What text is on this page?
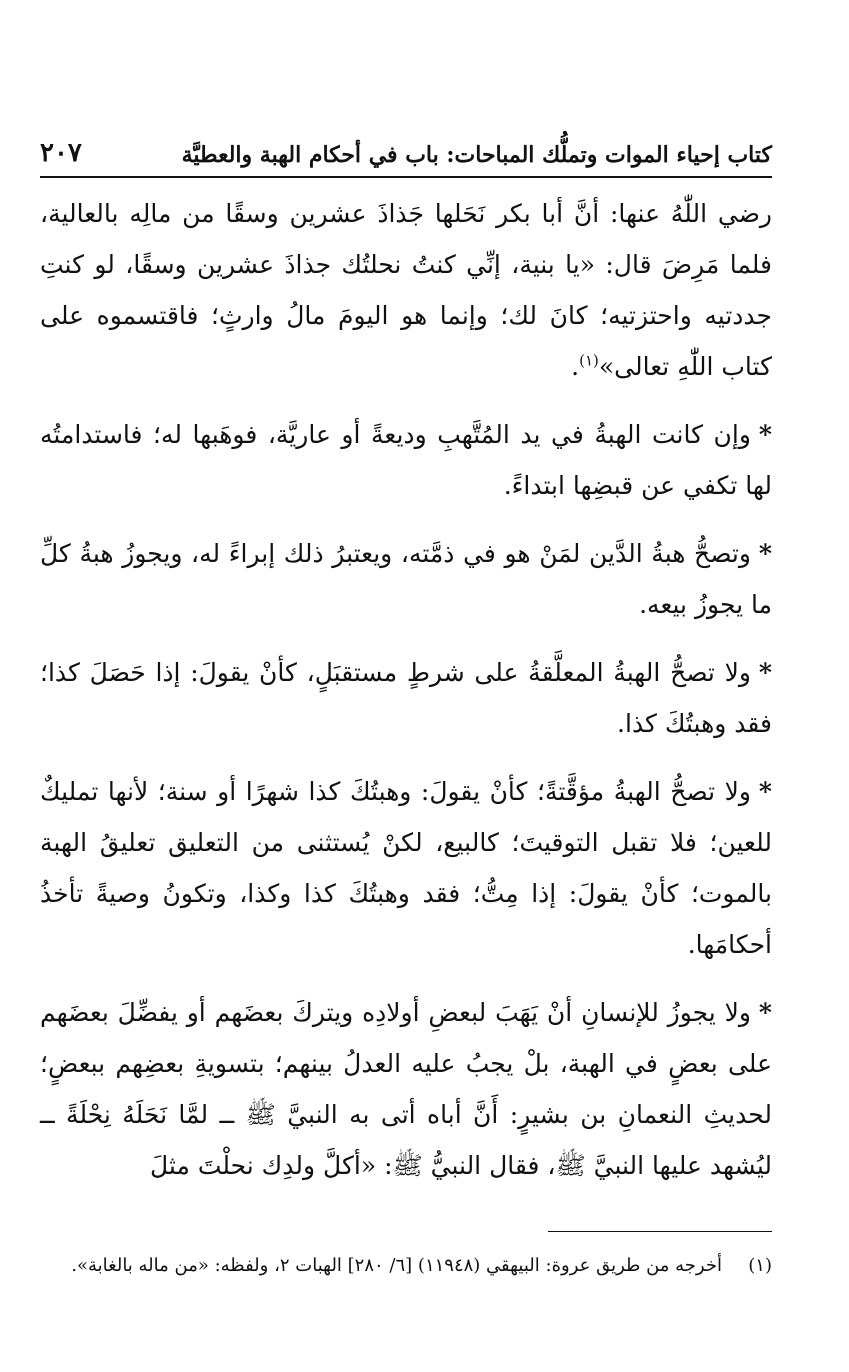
كتاب إحياء الموات وتملُّك المباحات: باب في أحكام الهبة والعطيَّة
٢٠٧

رضي اللّٰهُ عنها: أنَّ أبا بكر نَحَلها جَذاذَ عشرين وسقًا من مالِه بالعالية، فلما مَرِضَ قال: «يا بنية، إنِّي كنتُ نحلتُك جذاذَ عشرين وسقًا، لو كنتِ جددتيه واحتزتيه؛ كانَ لك؛ وإنما هو اليومَ مالُ وارثٍ؛ فاقتسموه على كتاب اللّٰهِ تعالى»$^{(١)}$.

*وإن كانت الهبةُ في يد المُتَّهبِ وديعةً أو عاريَّة، فوهَبها له؛ فاستدامتُه لها تكفي عن قبضِها ابتداءً.

*وتصحُّ هبةُ الدَّين لمَنْ هو في ذمَّته، ويعتبرُ ذلك إبراءً له، ويجوزُ هبةُ كلِّ ما يجوزُ بيعه.

*ولا تصحُّ الهبةُ المعلَّقةُ على شرطٍ مستقبَلٍ، كأنْ يقولَ: إذا حَصَلَ كذا؛ فقد وهبتُكَ كذا.

*ولا تصحُّ الهبةُ مؤقَّتةً؛ كأنْ يقولَ: وهبتُكَ كذا شهرًا أو سنة؛ لأنها تمليكٌ للعين؛ فلا تقبل التوقيتَ؛ كالبيع، لكنْ يُستثنى من التعليق تعليقُ الهبة بالموت؛ كأنْ يقولَ: إذا مِتُّ؛ فقد وهبتُكَ كذا وكذا، وتكونُ وصيةً تأخذُ أحكامَها.

*ولا يجوزُ للإنسانِ أنْ يَهَبَ لبعضِ أولادِه ويتركَ بعضَهم أو يفضِّلَ بعضَهم على بعضٍ في الهبة، بلْ يجبُ عليه العدلُ بينهم؛ بتسويةِ بعضِهم ببعضٍ؛ لحديثِ النعمانِ بن بشيرٍ: أَنَّ أباه أتى به النبيَّ ﷺ ــ لمَّا نَحَلَهُ نِحْلَةً ــ ليُشهد عليها النبيَّ ﷺ، فقال النبيُّ ﷺ: «أكلَّ ولدِك نحلْتَ مثلَ

(١)
أخرجه من طريق عروة: البيهقي (١١٩٤٨) [٦/ ٢٨٠] الهبات ٢، ولفظه: «من ماله بالغابة».
